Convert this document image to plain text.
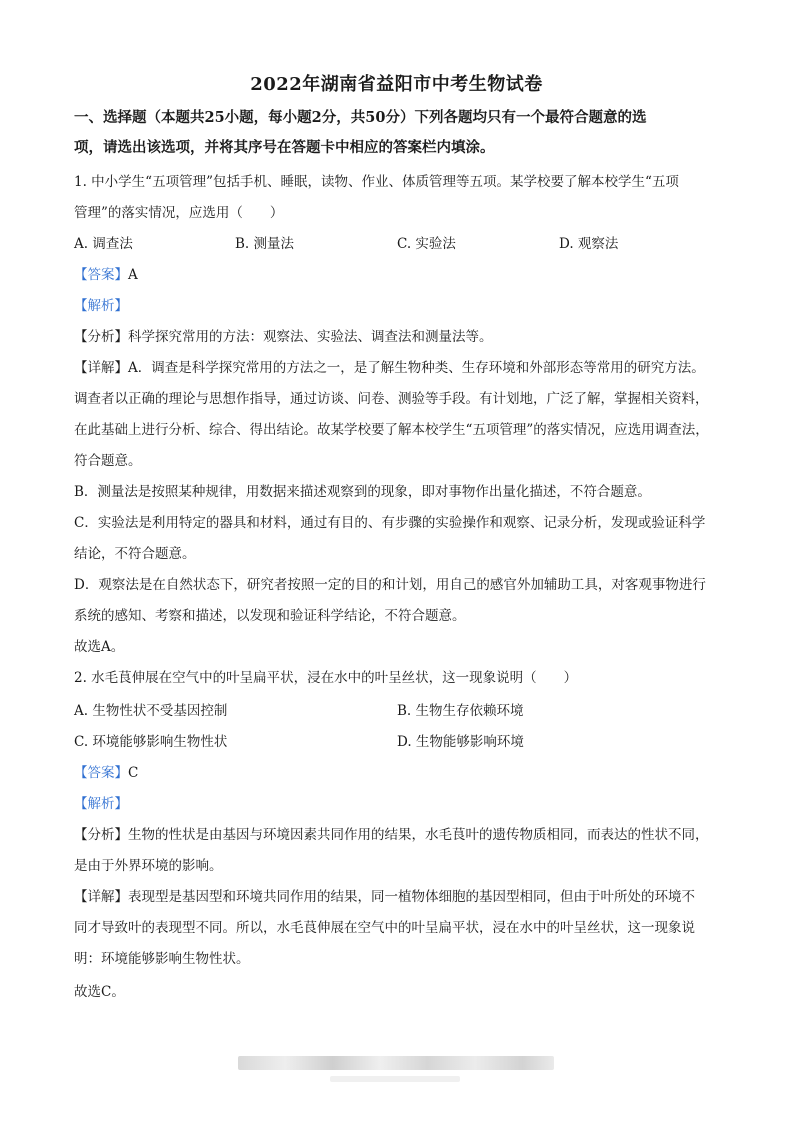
2022年湖南省益阳市中考生物试卷
一、选择题（本题共25小题，每小题2分，共50分）下列各题均只有一个最符合题意的选
项，请选出该选项，并将其序号在答题卡中相应的答案栏内填涂。
1. 中小学生“五项管理”包括手机、睡眠，读物、作业、体质管理等五项。某学校要了解本校学生“五项
管理”的落实情况，应选用（　　）
A. 调查法	B. 测量法	C. 实验法	D. 观察法
【答案】A
【解析】
【分析】科学探究常用的方法：观察法、实验法、调查法和测量法等。
【详解】A．调查是科学探究常用的方法之一，是了解生物种类、生存环境和外部形态等常用的研究方法。
调查者以正确的理论与思想作指导，通过访谈、问卷、测验等手段。有计划地，广泛了解，掌握相关资料，
在此基础上进行分析、综合、得出结论。故某学校要了解本校学生“五项管理”的落实情况，应选用调查法，
符合题意。
B．测量法是按照某种规律，用数据来描述观察到的现象，即对事物作出量化描述，不符合题意。
C．实验法是利用特定的器具和材料，通过有目的、有步骤的实验操作和观察、记录分析，发现或验证科学
结论，不符合题意。
D．观察法是在自然状态下，研究者按照一定的目的和计划，用自己的感官外加辅助工具，对客观事物进行
系统的感知、考察和描述，以发现和验证科学结论，不符合题意。
故选A。
2. 水毛茛伸展在空气中的叶呈扁平状，浸在水中的叶呈丝状，这一现象说明（　　）
A. 生物性状不受基因控制	B. 生物生存依赖环境
C. 环境能够影响生物性状	D. 生物能够影响环境
【答案】C
【解析】
【分析】生物的性状是由基因与环境因素共同作用的结果，水毛茛叶的遗传物质相同，而表达的性状不同，
是由于外界环境的影响。
【详解】表现型是基因型和环境共同作用的结果，同一植物体细胞的基因型相同，但由于叶所处的环境不
同才导致叶的表现型不同。所以，水毛茛伸展在空气中的叶呈扁平状，浸在水中的叶呈丝状，这一现象说
明：环境能够影响生物性状。
故选C。
